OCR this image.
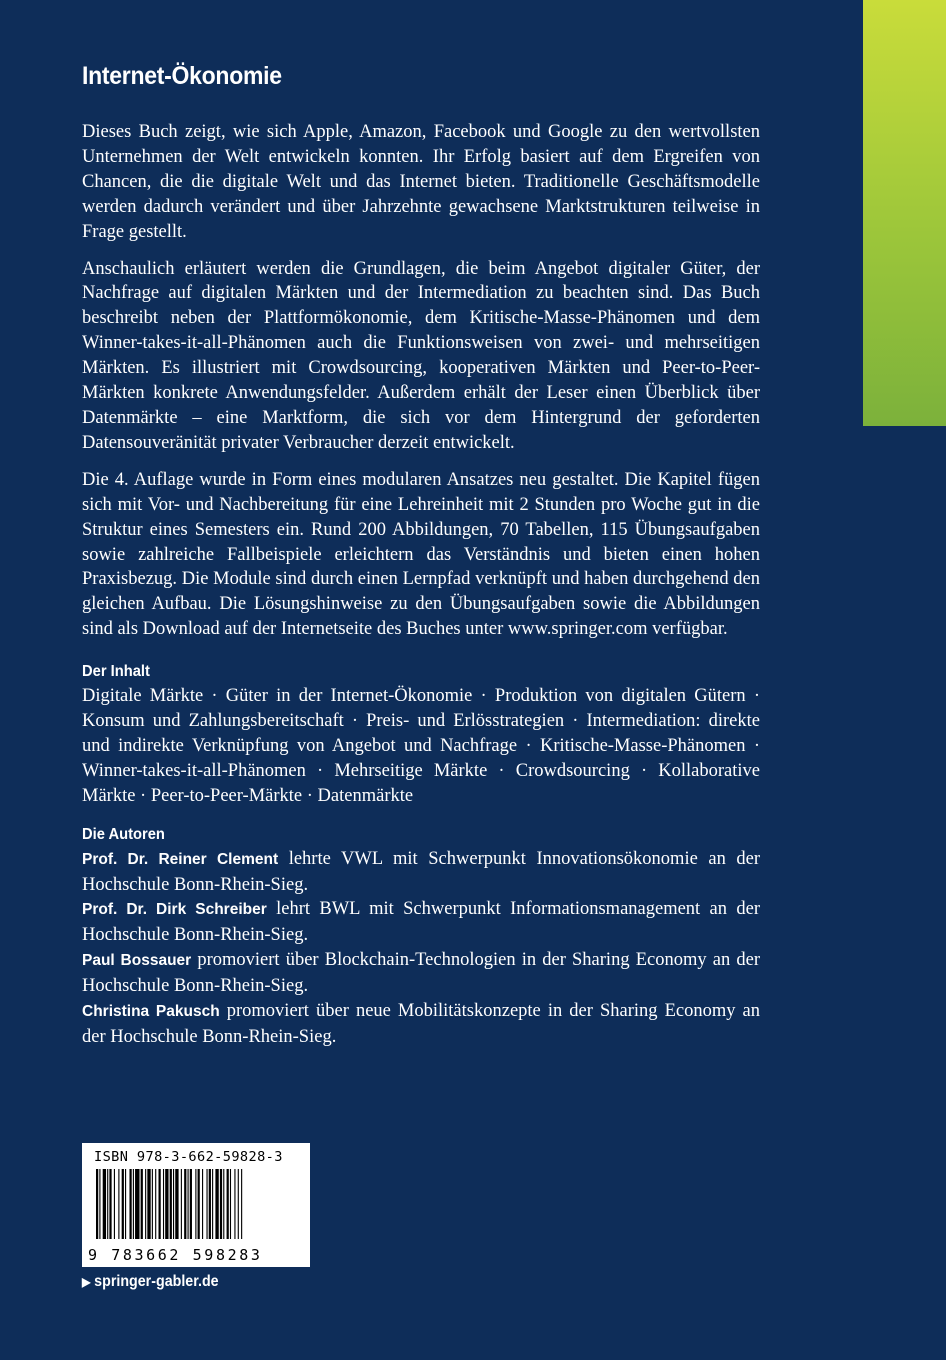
Internet-Ökonomie

Dieses Buch zeigt, wie sich Apple, Amazon, Facebook und Google zu den wertvollsten Unternehmen der Welt entwickeln konnten. Ihr Erfolg basiert auf dem Ergreifen von Chancen, die die digitale Welt und das Internet bieten. Traditionelle Geschäftsmodelle werden dadurch verändert und über Jahrzehnte gewachsene Marktstrukturen teilweise in Frage gestellt.

Anschaulich erläutert werden die Grundlagen, die beim Angebot digitaler Güter, der Nachfrage auf digitalen Märkten und der Intermediation zu beachten sind. Das Buch beschreibt neben der Plattformökonomie, dem Kritische-Masse-Phänomen und dem Winner-takes-it-all-Phänomen auch die Funktionsweisen von zwei- und mehrseitigen Märkten. Es illustriert mit Crowdsourcing, kooperativen Märkten und Peer-to-Peer-Märkten konkrete Anwendungsfelder. Außerdem erhält der Leser einen Überblick über Datenmärkte – eine Marktform, die sich vor dem Hintergrund der geforderten Datensouveränität privater Verbraucher derzeit entwickelt.

Die 4. Auflage wurde in Form eines modularen Ansatzes neu gestaltet. Die Kapitel fügen sich mit Vor- und Nachbereitung für eine Lehreinheit mit 2 Stunden pro Woche gut in die Struktur eines Semesters ein. Rund 200 Abbildungen, 70 Tabellen, 115 Übungsaufgaben sowie zahlreiche Fallbeispiele erleichtern das Verständnis und bieten einen hohen Praxisbezug. Die Module sind durch einen Lernpfad verknüpft und haben durchgehend den gleichen Aufbau. Die Lösungshinweise zu den Übungsaufgaben sowie die Abbildungen sind als Download auf der Internetseite des Buches unter www.springer.com verfügbar.

Der Inhalt

Digitale Märkte · Güter in der Internet-Ökonomie · Produktion von digitalen Gütern · Konsum und Zahlungsbereitschaft · Preis- und Erlösstrategien · Intermediation: direkte und indirekte Verknüpfung von Angebot und Nachfrage · Kritische-Masse-Phänomen · Winner-takes-it-all-Phänomen · Mehrseitige Märkte · Crowdsourcing · Kollaborative Märkte · Peer-to-Peer-Märkte · Datenmärkte

Die Autoren

Prof. Dr. Reiner Clement lehrte VWL mit Schwerpunkt Innovationsökonomie an der Hochschule Bonn-Rhein-Sieg.

Prof. Dr. Dirk Schreiber lehrt BWL mit Schwerpunkt Informationsmanagement an der Hochschule Bonn-Rhein-Sieg.

Paul Bossauer promoviert über Blockchain-Technologien in der Sharing Economy an der Hochschule Bonn-Rhein-Sieg.

Christina Pakusch promoviert über neue Mobilitätskonzepte in der Sharing Economy an der Hochschule Bonn-Rhein-Sieg.

ISBN 978-3-662-59828-3
9 783662 598283
▶ springer-gabler.de
